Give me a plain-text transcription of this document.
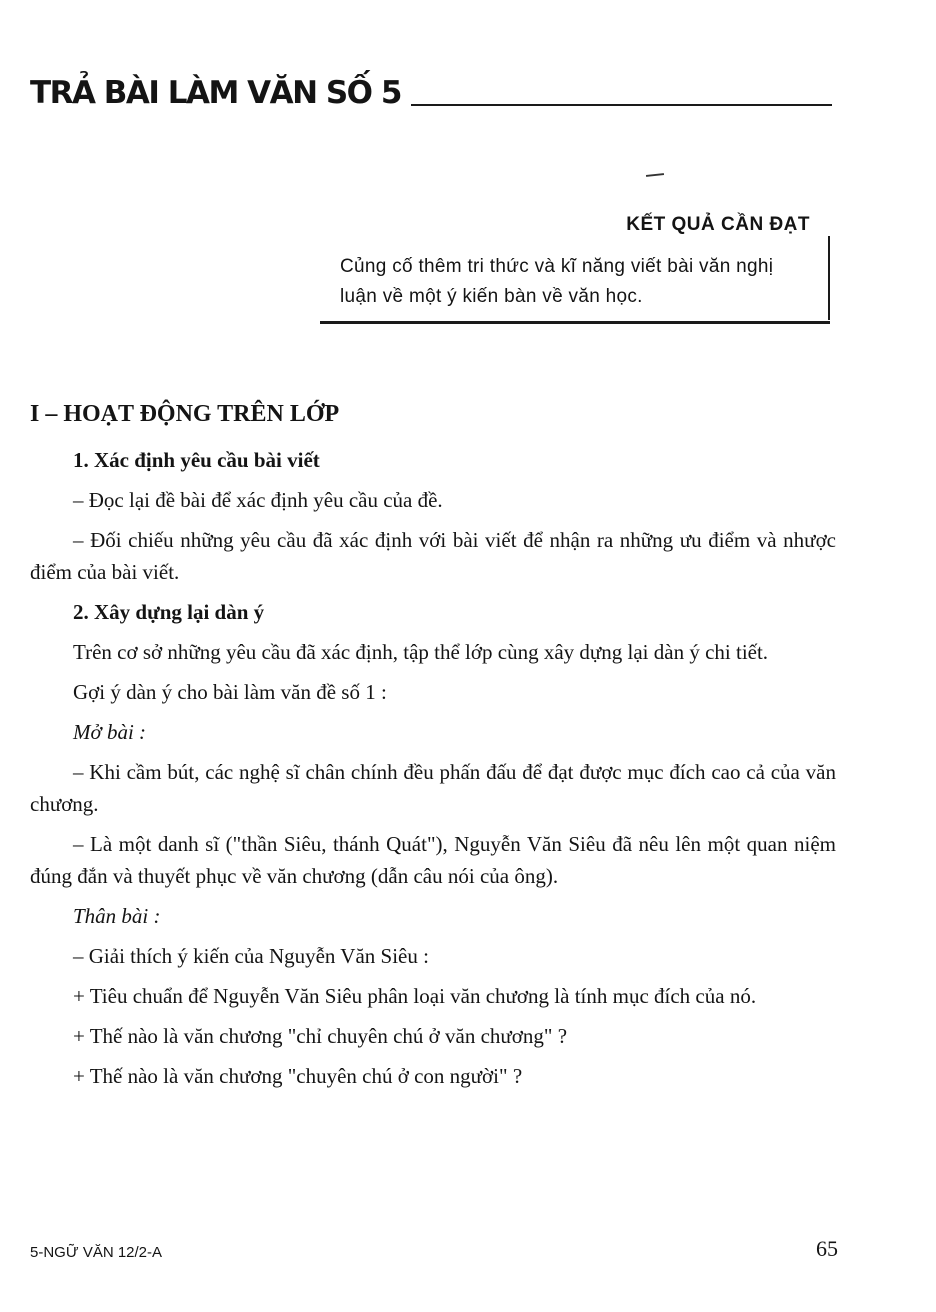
TRẢ BÀI LÀM VĂN SỐ 5
KẾT QUẢ CẦN ĐẠT
Củng cố thêm tri thức và kĩ năng viết bài văn nghị luận về một ý kiến bàn về văn học.
I – HOẠT ĐỘNG TRÊN LỚP

1. Xác định yêu cầu bài viết

– Đọc lại đề bài để xác định yêu cầu của đề.

– Đối chiếu những yêu cầu đã xác định với bài viết để nhận ra những ưu điểm và nhược điểm của bài viết.

2. Xây dựng lại dàn ý

Trên cơ sở những yêu cầu đã xác định, tập thể lớp cùng xây dựng lại dàn ý chi tiết.

Gợi ý dàn ý cho bài làm văn đề số 1 :

Mở bài :

– Khi cầm bút, các nghệ sĩ chân chính đều phấn đấu để đạt được mục đích cao cả của văn chương.

– Là một danh sĩ ("thần Siêu, thánh Quát"), Nguyễn Văn Siêu đã nêu lên một quan niệm đúng đắn và thuyết phục về văn chương (dẫn câu nói của ông).

Thân bài :

– Giải thích ý kiến của Nguyễn Văn Siêu :

+ Tiêu chuẩn để Nguyễn Văn Siêu phân loại văn chương là tính mục đích của nó.

+ Thế nào là văn chương "chỉ chuyên chú ở văn chương" ?

+ Thế nào là văn chương "chuyên chú ở con người" ?

5-NGỮ VĂN 12/2-A	65
